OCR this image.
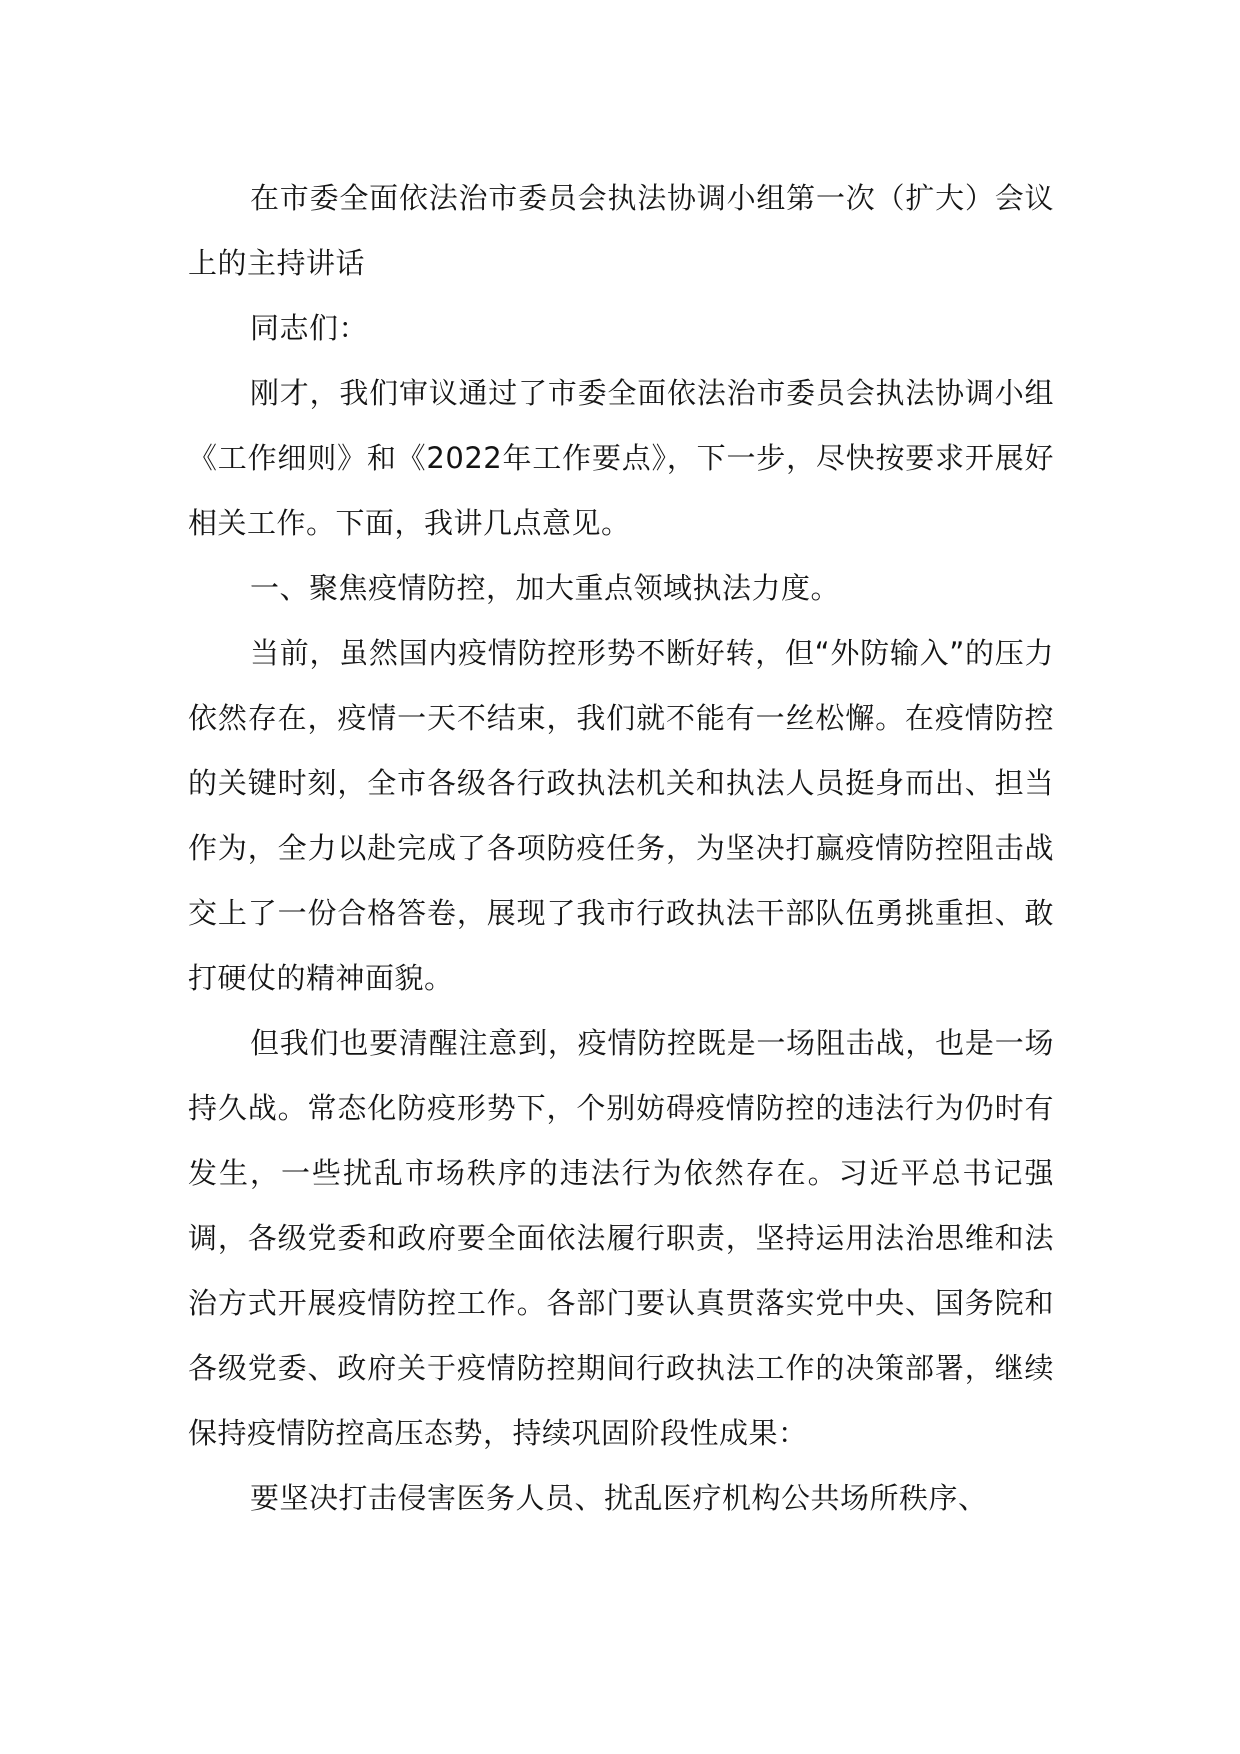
在市委全面依法治市委员会执法协调小组第一次（扩大）会议上的主持讲话

同志们：

刚才，我们审议通过了市委全面依法治市委员会执法协调小组《工作细则》和《2022年工作要点》，下一步，尽快按要求开展好相关工作。下面，我讲几点意见。

一、聚焦疫情防控，加大重点领域执法力度。

当前，虽然国内疫情防控形势不断好转，但“外防输入”的压力依然存在，疫情一天不结束，我们就不能有一丝松懈。在疫情防控的关键时刻，全市各级各行政执法机关和执法人员挺身而出、担当作为，全力以赴完成了各项防疫任务，为坚决打赢疫情防控阻击战交上了一份合格答卷，展现了我市行政执法干部队伍勇挑重担、敢打硬仗的精神面貌。

但我们也要清醒注意到，疫情防控既是一场阻击战，也是一场持久战。常态化防疫形势下，个别妨碍疫情防控的违法行为仍时有发生，一些扰乱市场秩序的违法行为依然存在。习近平总书记强调，各级党委和政府要全面依法履行职责，坚持运用法治思维和法治方式开展疫情防控工作。各部门要认真贯落实党中央、国务院和各级党委、政府关于疫情防控期间行政执法工作的决策部署，继续保持疫情防控高压态势，持续巩固阶段性成果：

要坚决打击侵害医务人员、扰乱医疗机构公共场所秩序、
